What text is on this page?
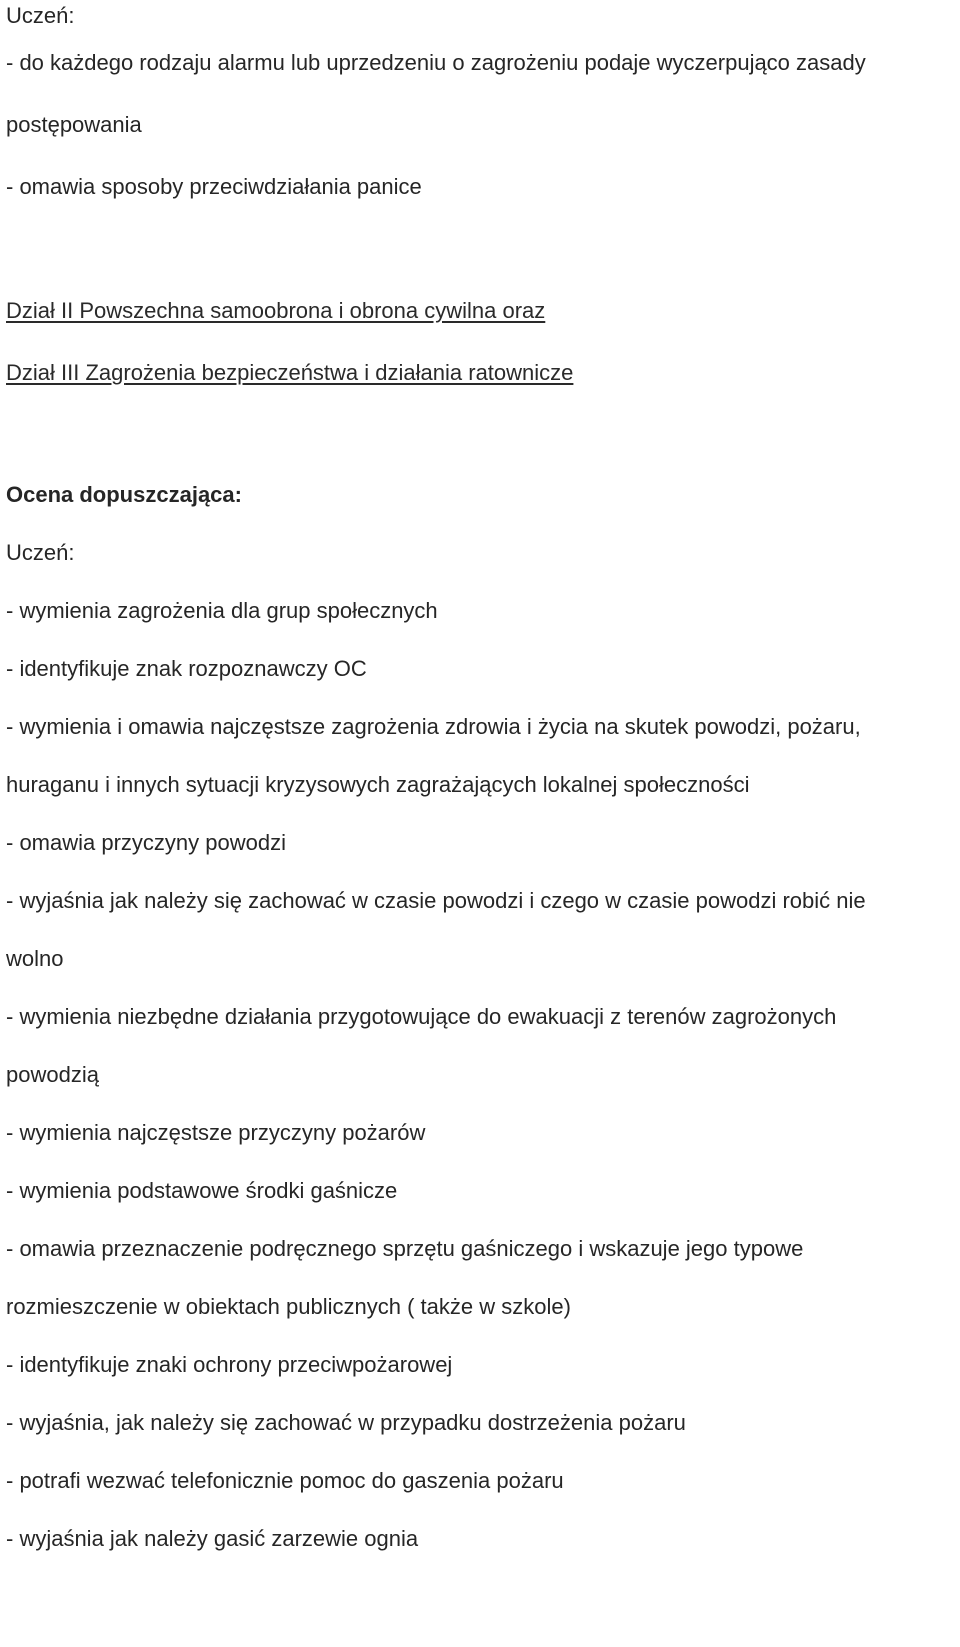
Uczeń:
- do każdego rodzaju alarmu lub uprzedzeniu o zagrożeniu podaje wyczerpująco zasady
postępowania
- omawia sposoby przeciwdziałania panice
Dział II Powszechna samoobrona i obrona cywilna oraz
Dział III Zagrożenia bezpieczeństwa i działania ratownicze
Ocena dopuszczająca:
Uczeń:
- wymienia zagrożenia dla grup społecznych
- identyfikuje znak rozpoznawczy OC
- wymienia i omawia najczęstsze zagrożenia zdrowia i życia na skutek powodzi, pożaru,
huraganu i innych sytuacji kryzysowych zagrażających lokalnej społeczności
- omawia przyczyny powodzi
- wyjaśnia jak należy się zachować w czasie powodzi i czego w czasie powodzi robić nie
wolno
- wymienia niezbędne działania przygotowujące do ewakuacji z terenów zagrożonych
powodzią
- wymienia najczęstsze przyczyny pożarów
- wymienia podstawowe środki gaśnicze
- omawia przeznaczenie podręcznego sprzętu gaśniczego i wskazuje jego typowe
rozmieszczenie w obiektach publicznych ( także w szkole)
- identyfikuje znaki ochrony przeciwpożarowej
- wyjaśnia, jak należy się zachować w przypadku dostrzeżenia pożaru
- potrafi wezwać telefonicznie pomoc do gaszenia pożaru
- wyjaśnia jak należy gasić zarzewie ognia
